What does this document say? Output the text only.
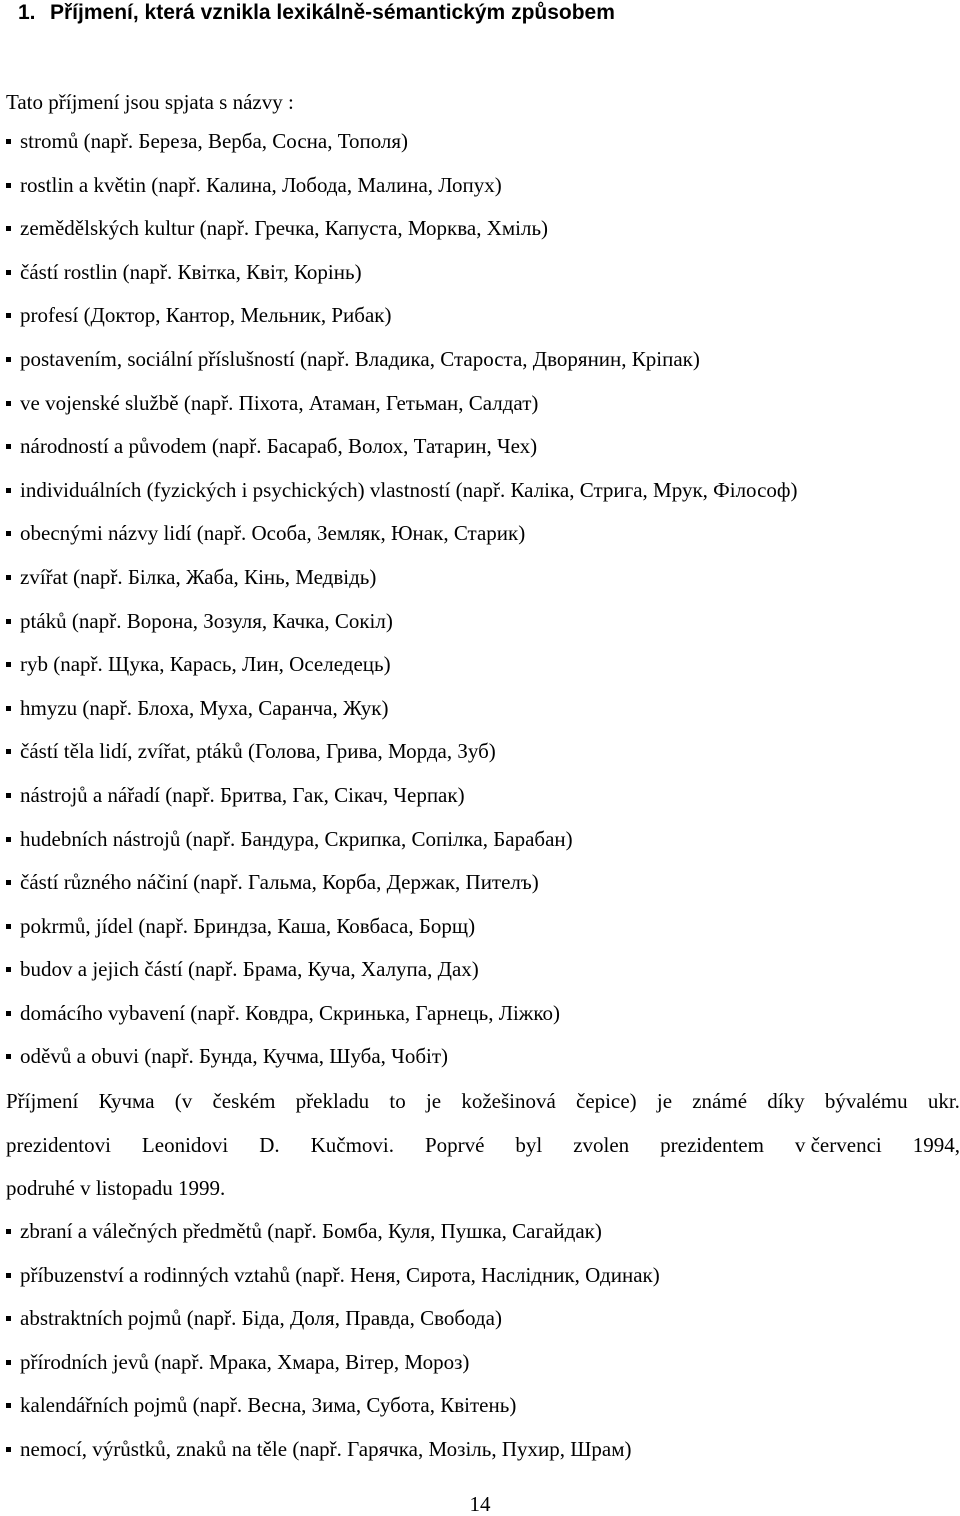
1. Příjmení, která vznikla lexikálně-sémantickým způsobem
Tato příjmení jsou spjata s názvy :
stromů (např. Береза, Верба, Сосна, Тополя)
rostlin a květin (např. Калина, Лобода, Малина, Лопух)
zemědělských kultur (např. Гречка, Капуста, Морква, Хміль)
částí rostlin (např. Квітка, Квіт, Корінь)
profesí (Доктор, Кантор, Мельник, Рибак)
postavením, sociální příslušností (např. Владика, Староста, Дворянин, Кріпак)
ve vojenské službě (např. Піхота, Атаман, Гетьман, Салдат)
národností a původem (např. Басараб, Волох, Татарин, Чех)
individuálních (fyzických i psychických) vlastností (např. Каліка, Стрига, Мрук, Філософ)
obecnými názvy lidí (např. Особа, Земляк, Юнак, Старик)
zvířat (např. Білка, Жаба, Кінь, Медвідь)
ptáků (např. Ворона, Зозуля, Качка, Сокіл)
ryb (např. Щука, Карась, Лин, Оселедець)
hmyzu (např. Блоха, Муха, Саранча, Жук)
částí těla lidí, zvířat, ptáků (Голова, Грива, Морда, Зуб)
nástrojů a nářadí (např. Бритва, Гак, Сікач, Черпак)
hudebních nástrojů (např. Бандура, Скрипка, Сопілка, Барабан)
částí různého náčiní (např. Гальма, Корба, Держак, Пителъ)
pokrmů, jídel (např. Бриндза, Каша, Ковбаса, Борщ)
budov a jejich částí (např. Брама, Куча, Халупа, Дах)
domácího vybavení (např. Ковдра, Скринька, Гарнець, Ліжко)
oděvů a obuvi (např. Бунда, Кучма, Шуба, Чобіт)
Příjmení Кучма (v českém překladu to je kožešinová čepice) je známé díky bývalému ukr.
prezidentovi Leonidovi D. Kučmovi. Poprvé byl zvolen prezidentem v červenci 1994,
podruhé v listopadu 1999.
zbraní a válečných předmětů (např. Бомба, Куля, Пушка, Сагайдак)
příbuzenství a rodinných vztahů (např. Неня, Сирота, Наслідник, Одинак)
abstraktních pojmů (např. Біда, Доля, Правда, Свобода)
přírodních jevů (např. Мрака, Хмара, Вітер, Мороз)
kalendářních pojmů (např. Весна, Зима, Субота, Квітень)
nemocí, výrůstků, znaků na těle (např. Гарячка, Мозіль, Пухир, Шрам)
14
